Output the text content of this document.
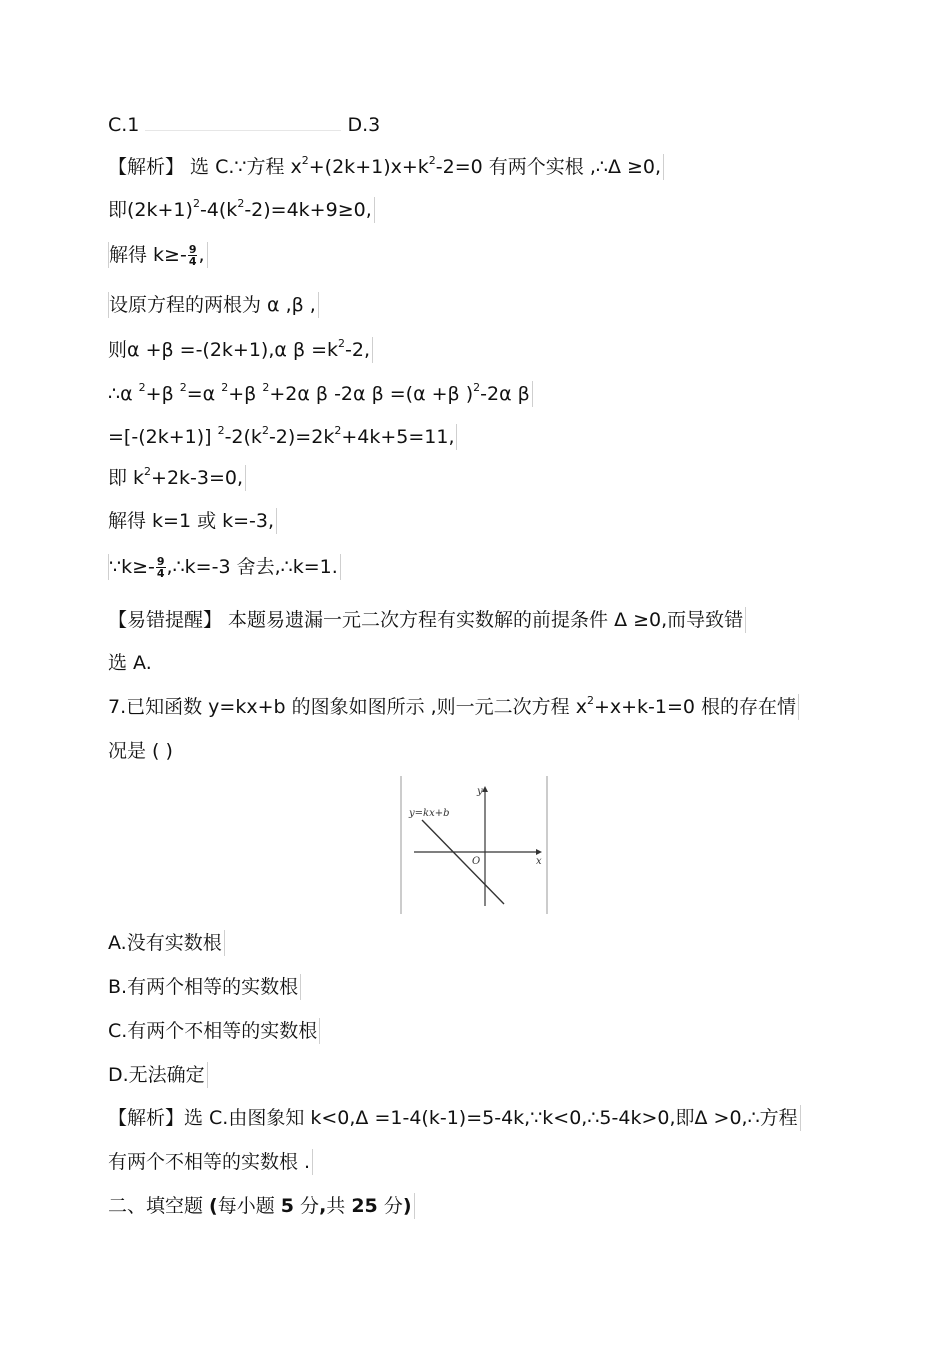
C.1	D.3
【解析】 选 C.∵方程 $x^2+(2k+1)x+k^2-2=0$ 有两个实根 ,∴Δ ≥0,
即$(2k+1)^2-4(k^2-2)=4k+9\ge 0$,
解得 $k\ge- \frac{9}{4}$ ,
设原方程的两根为 α ,β ,
则α +β =-(2k+1),α $\beta =k^2-2$,
∴α $^2$+β $^2$=α $^2$+β $^2$+2α β -2α β =(α +β )$^2$-2α β
=[-(2k+1)] $^2-2(k^2-2)=2k^2+4k+5=11$,
即 $k^2+2k-3=0$,
解得 k=1 或 k=-3,
∵k≥- $\frac{9}{4}$ ,∴k=-3 舍去,∴k=1.
【易错提醒】 本题易遗漏一元二次方程有实数解的前提条件 Δ ≥0,而导致错
选 A.
7.已知函数 y=kx+b 的图象如图所示 ,则一元二次方程 $x^2+x+k-1=0$ 根的存在情
况是 ( )
y=kx+b
y
x
O
A.没有实数根
B.有两个相等的实数根
C.有两个不相等的实数根
D.无法确定
【解析】选 C.由图象知 k<0,Δ =1-4(k-1)=5-4k,∵k<0,∴5-4k>0,即Δ >0,∴方程
有两个不相等的实数根 .
二、填空题 (每小题 5 分,共 25 分)
